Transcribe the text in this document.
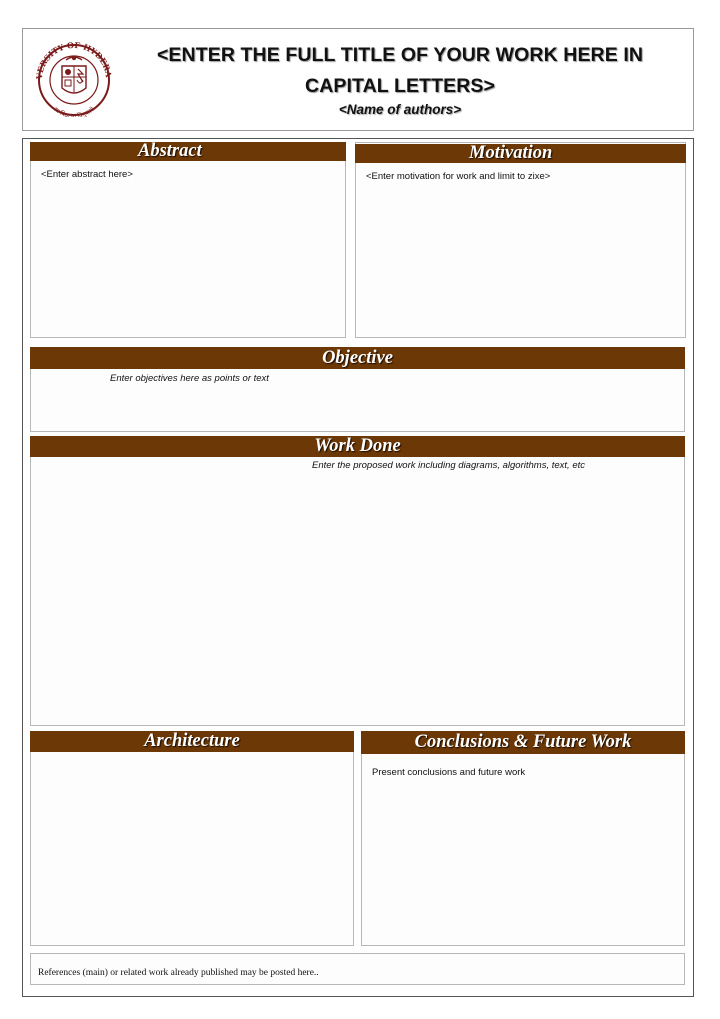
VERSITY OF HYDERA
सा विद्या या विमुक्तये
<ENTER THE FULL TITLE OF YOUR WORK HERE IN
CAPITAL LETTERS>
<Name of authors>
Abstract
<Enter abstract here>
Motivation
<Enter motivation for work and limit to zixe>
Objective
Enter objectives here as points or text
Work Done
Enter the proposed work including diagrams, algorithms, text, etc
Architecture	Conclusions & Future Work
Present conclusions and future work
References (main) or related work already published may be posted here..
